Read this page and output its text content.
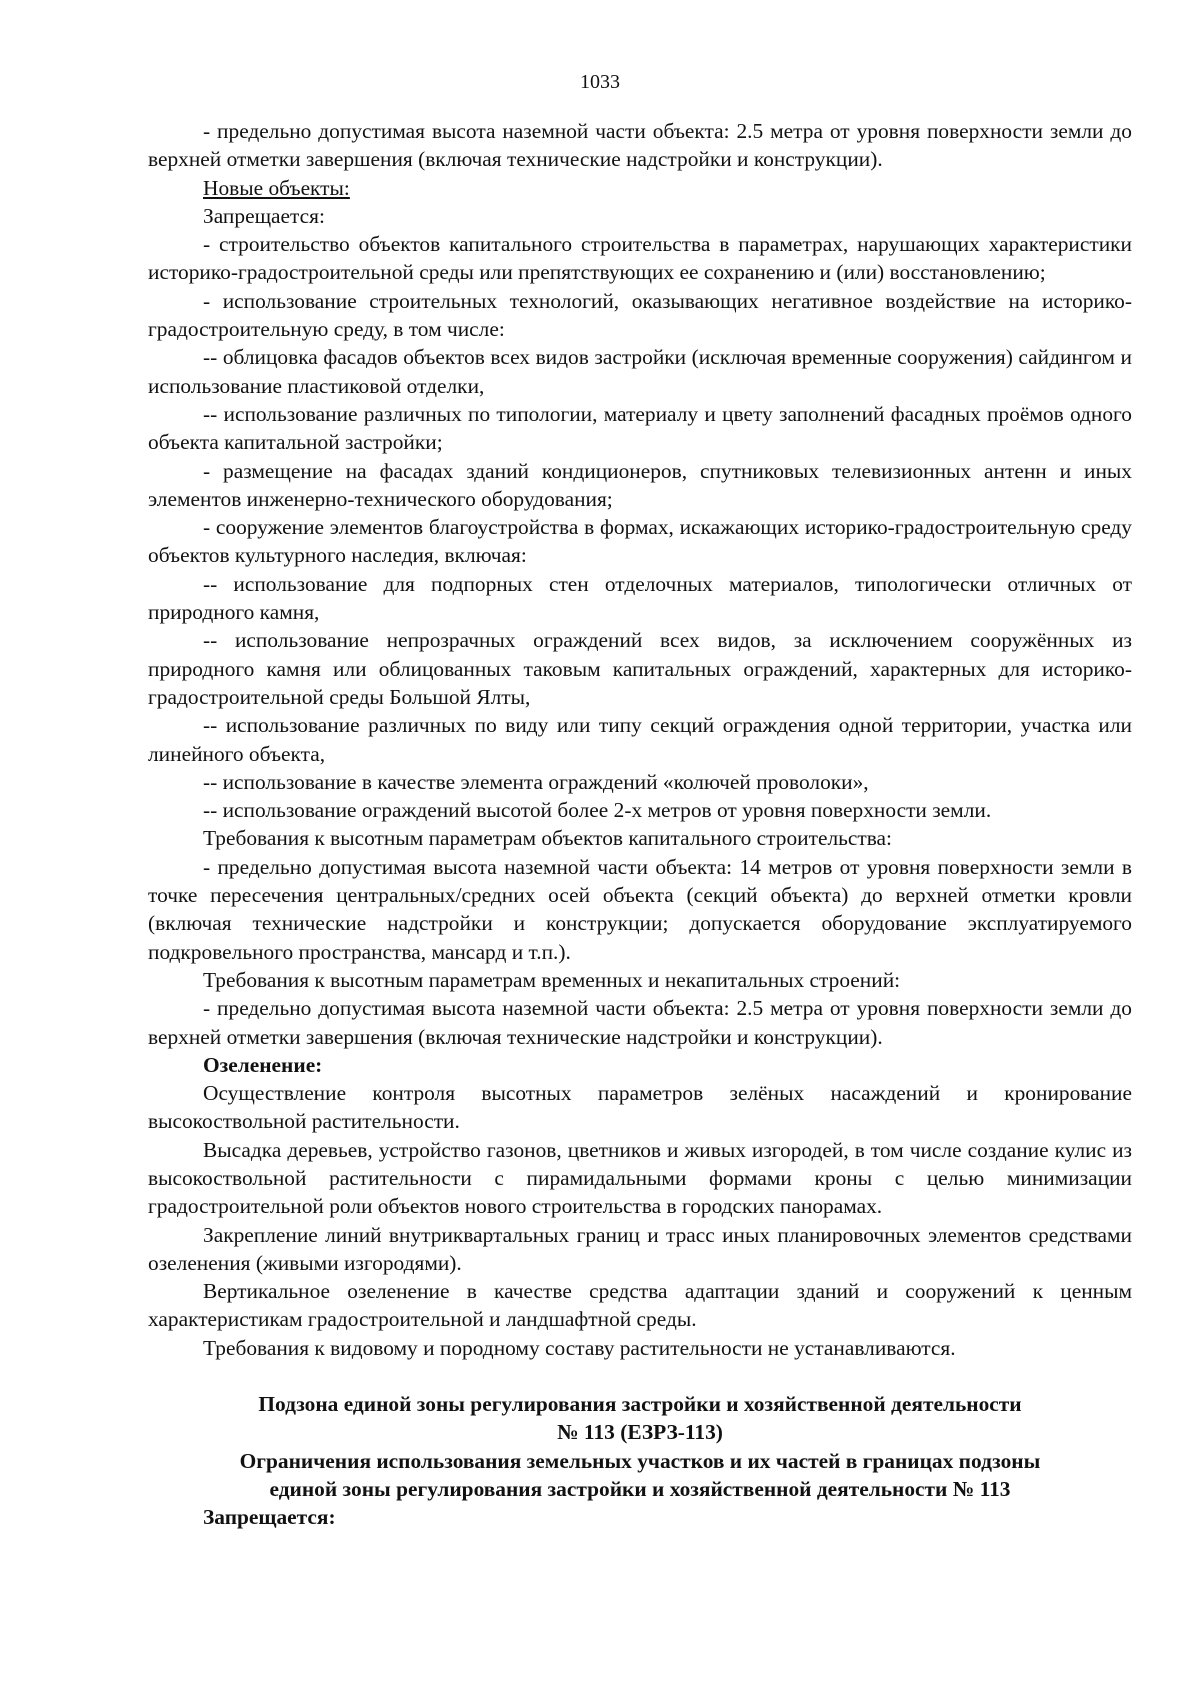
1033

- предельно допустимая высота наземной части объекта: 2.5 метра от уровня поверхности земли до верхней отметки завершения (включая технические надстройки и конструкции).

Новые объекты:

Запрещается:

- строительство объектов капитального строительства в параметрах, нарушающих характеристики историко-градостроительной среды или препятствующих ее сохранению и (или) восстановлению;

- использование строительных технологий, оказывающих негативное воздействие на историко-градостроительную среду, в том числе:

-- облицовка фасадов объектов всех видов застройки (исключая временные сооружения) сайдингом и использование пластиковой отделки,

-- использование различных по типологии, материалу и цвету заполнений фасадных проёмов одного объекта капитальной застройки;

- размещение на фасадах зданий кондиционеров, спутниковых телевизионных антенн и иных элементов инженерно-технического оборудования;

- сооружение элементов благоустройства в формах, искажающих историко-градостроительную среду объектов культурного наследия, включая:

-- использование для подпорных стен отделочных материалов, типологически отличных от природного камня,

-- использование непрозрачных ограждений всех видов, за исключением сооружённых из природного камня или облицованных таковым капитальных ограждений, характерных для историко-градостроительной среды Большой Ялты,

-- использование различных по виду или типу секций ограждения одной территории, участка или линейного объекта,

-- использование в качестве элемента ограждений «колючей проволоки»,

-- использование ограждений высотой более 2-х метров от уровня поверхности земли.

Требования к высотным параметрам объектов капитального строительства:

- предельно допустимая высота наземной части объекта: 14 метров от уровня поверхности земли в точке пересечения центральных/средних осей объекта (секций объекта) до верхней отметки кровли (включая технические надстройки и конструкции; допускается оборудование эксплуатируемого подкровельного пространства, мансард и т.п.).

Требования к высотным параметрам временных и некапитальных строений:

- предельно допустимая высота наземной части объекта: 2.5 метра от уровня поверхности земли до верхней отметки завершения (включая технические надстройки и конструкции).

Озеленение:

Осуществление контроля высотных параметров зелёных насаждений и кронирование высокоствольной растительности.

Высадка деревьев, устройство газонов, цветников и живых изгородей, в том числе создание кулис из высокоствольной растительности с пирамидальными формами кроны с целью минимизации градостроительной роли объектов нового строительства в городских панорамах.

Закрепление линий внутриквартальных границ и трасс иных планировочных элементов средствами озеленения (живыми изгородями).

Вертикальное озеленение в качестве средства адаптации зданий и сооружений к ценным характеристикам градостроительной и ландшафтной среды.

Требования к видовому и породному составу растительности не устанавливаются.

Подзона единой зоны регулирования застройки и хозяйственной деятельности

№ 113 (ЕЗРЗ-113)

Ограничения использования земельных участков и их частей в границах подзоны

единой зоны регулирования застройки и хозяйственной деятельности № 113

Запрещается:
